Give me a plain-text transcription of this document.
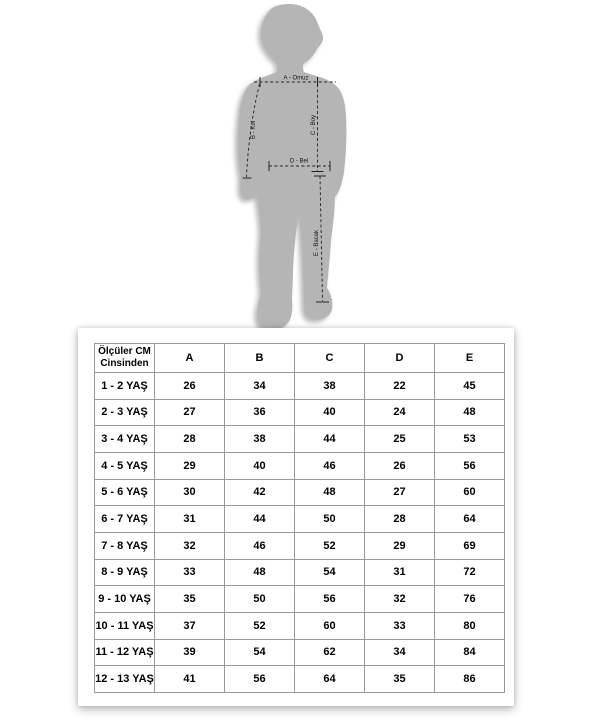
A - Omuz
B - Kol	C - Boy
D - Bel
E - Bacak
Ölçüler CM
Cinsinden	A	B	C	D	E
1 - 2 YAŞ	26	34	38	22	45
2 - 3 YAŞ	27	36	40	24	48
3 - 4 YAŞ	28	38	44	25	53
4 - 5 YAŞ	29	40	46	26	56
5 - 6 YAŞ	30	42	48	27	60
6 - 7 YAŞ	31	44	50	28	64
7 - 8 YAŞ	32	46	52	29	69
8 - 9 YAŞ	33	48	54	31	72
9 - 10 YAŞ	35	50	56	32	76
10 - 11 YAŞ	37	52	60	33	80
11 - 12 YAŞ	39	54	62	34	84
12 - 13 YAŞ	41	56	64	35	86
